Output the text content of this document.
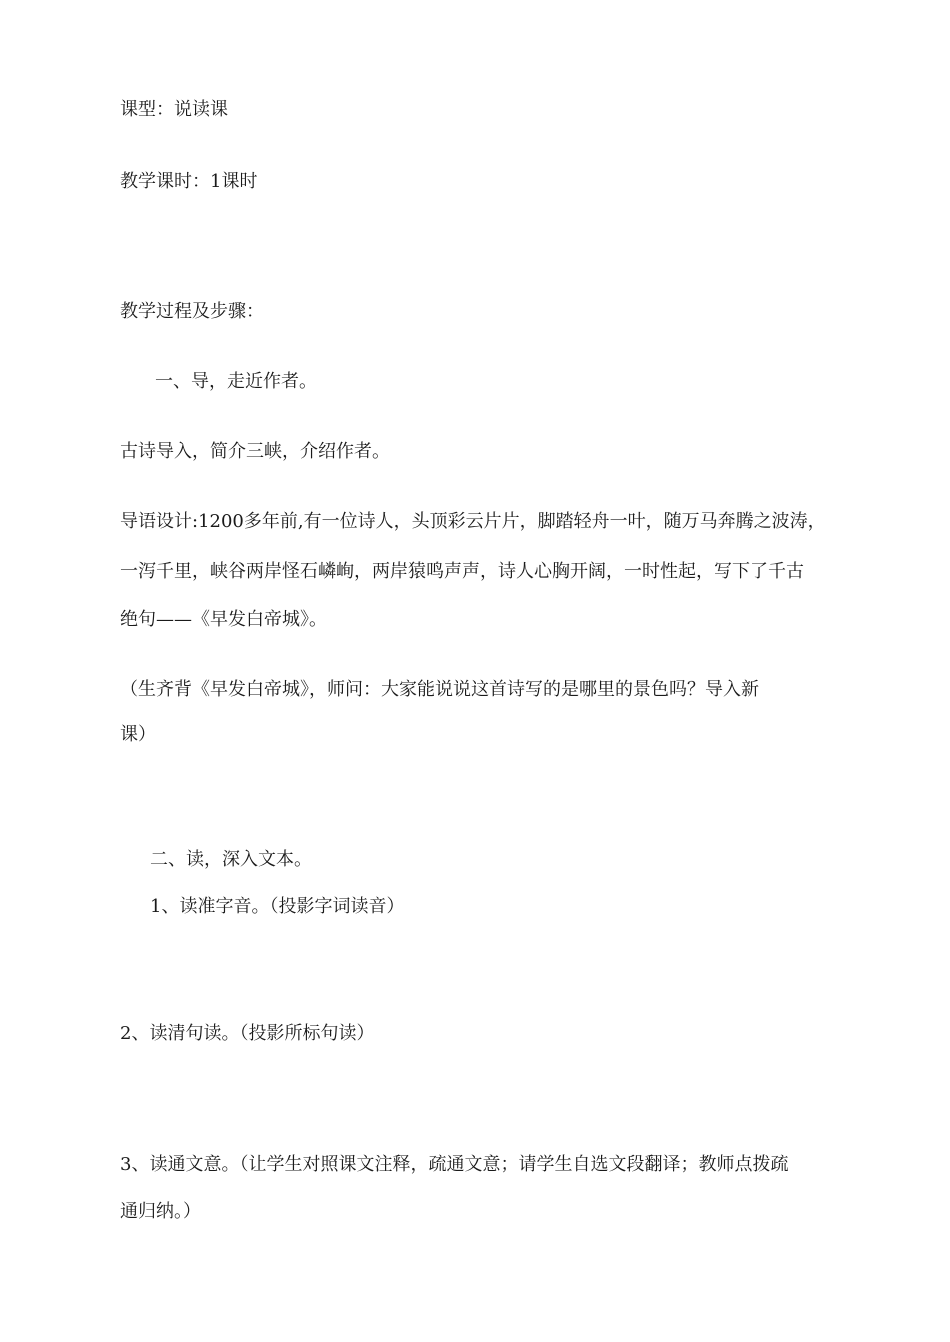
课型：说读课
教学课时：1课时
教学过程及步骤：
一、导，走近作者。
古诗导入，简介三峡，介绍作者。
导语设计:1200多年前,有一位诗人，头顶彩云片片，脚踏轻舟一叶，随万马奔腾之波涛，
一泻千里，峡谷两岸怪石嶙峋，两岸猿鸣声声，诗人心胸开阔，一时性起，写下了千古
绝句——《早发白帝城》。
（生齐背《早发白帝城》，师问：大家能说说这首诗写的是哪里的景色吗？导入新
课）
二、读，深入文本。
1、读准字音。（投影字词读音）
2、读清句读。（投影所标句读）
3、读通文意。（让学生对照课文注释，疏通文意；请学生自选文段翻译；教师点拨疏
通归纳。）
